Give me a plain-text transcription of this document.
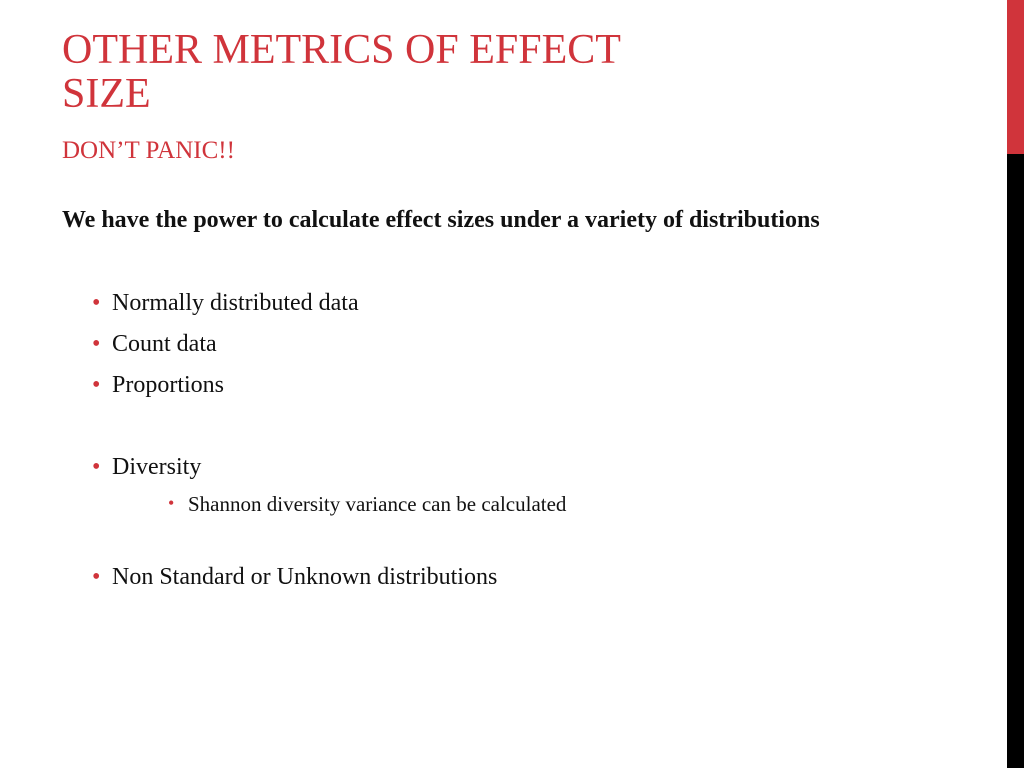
OTHER METRICS OF EFFECT
SIZE
DON’T PANIC!!
We have the power to calculate effect sizes under a variety of distributions
• Normally distributed data
• Count data
• Proportions
• Diversity
• Shannon diversity variance can be calculated
• Non Standard or Unknown distributions
